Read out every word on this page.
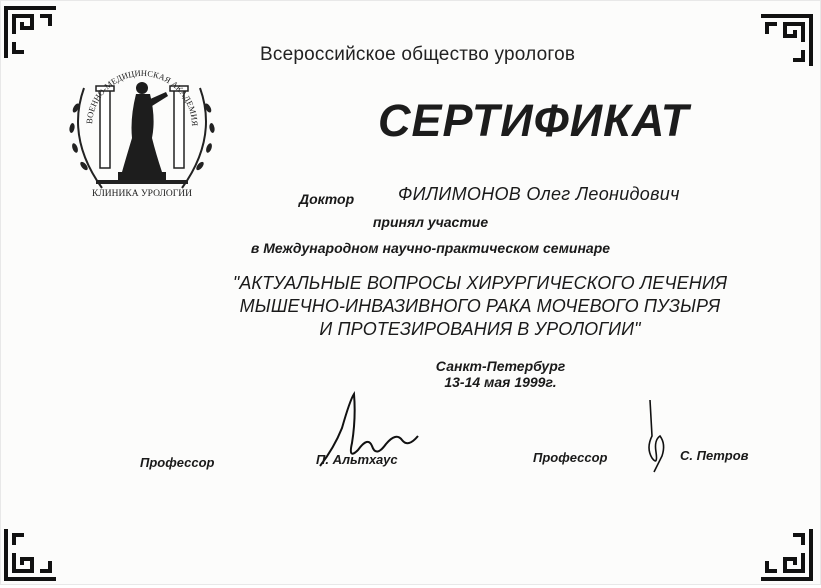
ВОЕННО-МЕДИЦИНСКАЯ АКАДЕМИЯ
КЛИНИКА УРОЛОГИИ
Всероссийское общество урологов
СЕРТИФИКАТ
Доктор ФИЛИМОНОВ Олег Леонидович
принял участие
в Международном научно-практическом семинаре
"АКТУАЛЬНЫЕ ВОПРОСЫ ХИРУРГИЧЕСКОГО ЛЕЧЕНИЯ
МЫШЕЧНО-ИНВАЗИВНОГО РАКА МОЧЕВОГО ПУЗЫРЯ
И ПРОТЕЗИРОВАНИЯ В УРОЛОГИИ"
Санкт-Петербург
13-14 мая 1999г.
Профессор	П. Альтхаус	Профессор	С. Петров
